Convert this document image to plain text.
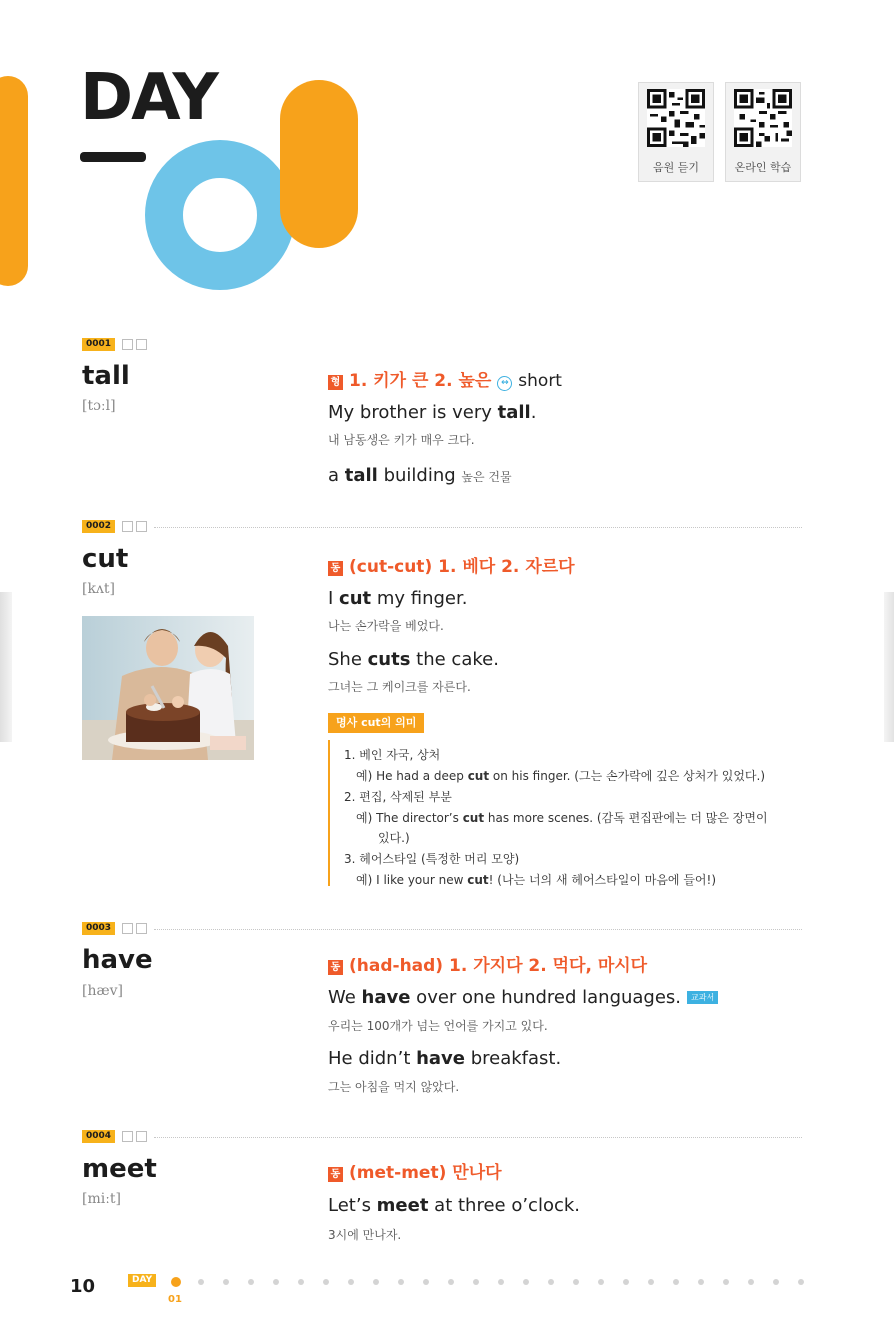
DAY
음원 듣기	온라인 학습
0001
tall
[tɔːl]
형 1. 키가 큰 2. 높은 ↔ short
My brother is very tall.
내 남동생은 키가 매우 크다.
a tall building 높은 건물
0002
cut
[kʌt]
동 (cut-cut) 1. 베다 2. 자르다
I cut my finger.
나는 손가락을 베었다.
She cuts the cake.
그녀는 그 케이크를 자른다.
명사 cut의 의미
1. 베인 자국, 상처
예) He had a deep cut on his finger. (그는 손가락에 깊은 상처가 있었다.)
2. 편집, 삭제된 부분
예) The director’s cut has more scenes. (감독 편집판에는 더 많은 장면이
있다.)
3. 헤어스타일 (특정한 머리 모양)
예) I like your new cut! (나는 너의 새 헤어스타일이 마음에 들어!)
0003
have
[hæv]
동 (had-had) 1. 가지다 2. 먹다, 마시다
We have over one hundred languages. 교과서
우리는 100개가 넘는 언어를 가지고 있다.
He didn’t have breakfast.
그는 아침을 먹지 않았다.
0004
meet
[miːt]
동 (met-met) 만나다
Let’s meet at three o’clock.
3시에 만나자.
10	DAY
01
